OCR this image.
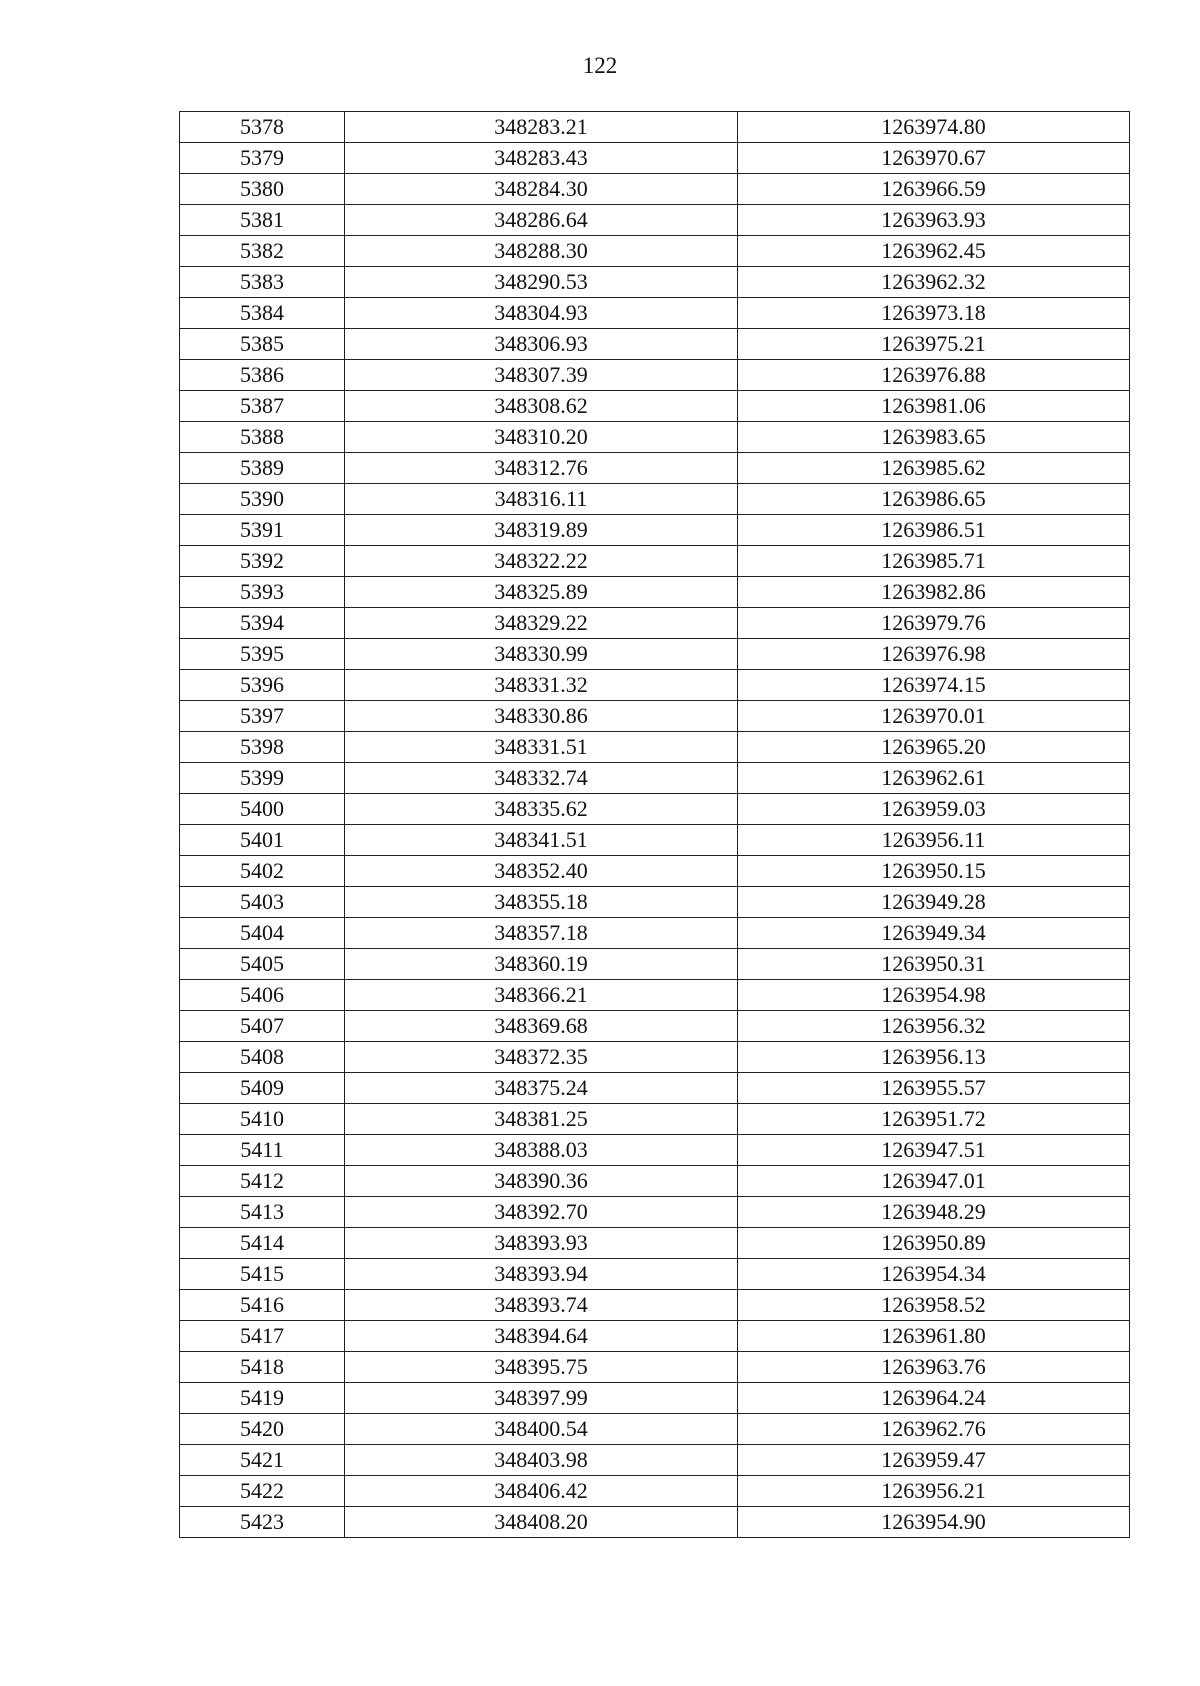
122
5378	348283.21	1263974.80
5379	348283.43	1263970.67
5380	348284.30	1263966.59
5381	348286.64	1263963.93
5382	348288.30	1263962.45
5383	348290.53	1263962.32
5384	348304.93	1263973.18
5385	348306.93	1263975.21
5386	348307.39	1263976.88
5387	348308.62	1263981.06
5388	348310.20	1263983.65
5389	348312.76	1263985.62
5390	348316.11	1263986.65
5391	348319.89	1263986.51
5392	348322.22	1263985.71
5393	348325.89	1263982.86
5394	348329.22	1263979.76
5395	348330.99	1263976.98
5396	348331.32	1263974.15
5397	348330.86	1263970.01
5398	348331.51	1263965.20
5399	348332.74	1263962.61
5400	348335.62	1263959.03
5401	348341.51	1263956.11
5402	348352.40	1263950.15
5403	348355.18	1263949.28
5404	348357.18	1263949.34
5405	348360.19	1263950.31
5406	348366.21	1263954.98
5407	348369.68	1263956.32
5408	348372.35	1263956.13
5409	348375.24	1263955.57
5410	348381.25	1263951.72
5411	348388.03	1263947.51
5412	348390.36	1263947.01
5413	348392.70	1263948.29
5414	348393.93	1263950.89
5415	348393.94	1263954.34
5416	348393.74	1263958.52
5417	348394.64	1263961.80
5418	348395.75	1263963.76
5419	348397.99	1263964.24
5420	348400.54	1263962.76
5421	348403.98	1263959.47
5422	348406.42	1263956.21
5423	348408.20	1263954.90
